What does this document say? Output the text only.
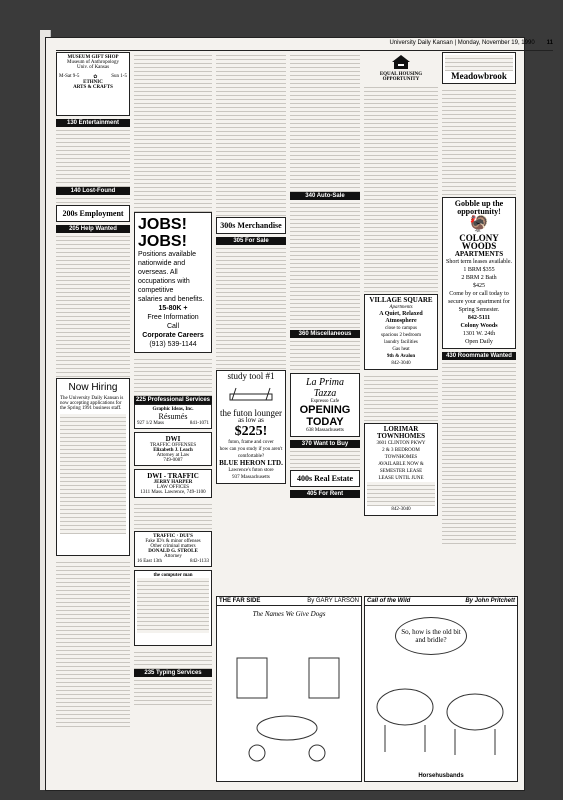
University Daily Kansan | Monday, November 19, 1990 11
MUSEUM GIFT SHOP
Museum of Anthropology
Univ. of Kansas
M-Sat 9-5	✿	Sun 1-5
ETHNIC
ARTS & CRAFTS
130 Entertainment
140 Lost-Found
200s Employment
205 Help Wanted
Now Hiring
The University Daily Kansan is now accepting applications for the Spring 1991 business staff.
JOBS! JOBS!
Positions available
nationwide and overseas. All
occupations with competitive
salaries and benefits.
15-80K +
Free Information
Call
Corporate Careers
(913) 539-1144
225 Professional Services
Graphic Ideas, Inc.
Résumés
927 1/2 Mass	841-1071
DWI
TRAFFIC OFFENSES
Elizabeth J. Leach
Attorney at Law
749-0087
DWI - TRAFFIC
JERRY HARPER
LAW OFFICES
1311 Mass. Lawrence, 749-1100
TRAFFIC · DUI'S
Fake ID's & minor offenses
Other criminal matters
DONALD G. STROLE
Attorney
16 East 13th	842-1133
the computer man
235 Typing Services
300s Merchandise
305 For Sale
study tool #1
the futon lounger
as low as
$225!
futon, frame and cover
how can you study if you aren't comfortable?
BLUE HERON LTD.
Lawrence's futon store
937 Massachusetts
340 Auto-Sale
360 Miscellaneous
La Prima Tazza
Espresso Cafe
OPENING
TODAY
638 Massachusetts
370 Want to Buy
400s Real Estate
405 For Rent
EQUAL HOUSING OPPORTUNITY
VILLAGE SQUARE
Apartments
A Quiet, Relaxed Atmosphere
close to campus
spacious 2 bedroom
laundry facilities
Gas heat
9th & Avalon
842-3040
LORIMAR TOWNHOMES
3601 CLINTON PKWY
2 & 3 BEDROOM
TOWNHOMES
AVAILABLE NOW &
SEMESTER LEASE
LEASE UNTIL JUNE
842-3040
Meadowbrook
Gobble up the
opportunity!
🦃
COLONY
WOODS
APARTMENTS
Short term leases available.
1 BRM $355
2 BRM 2 Bath
$425
Come by or call today to secure your apartment for Spring Semester.
842-5111
Colony Woods
1301 W. 24th
Open Daily
430 Roommate Wanted
THE FAR SIDE	By GARY LARSON
The Names We Give Dogs
Call of the Wild	By John Pritchett
So, how is the old bit and bridle?
Horsehusbands
